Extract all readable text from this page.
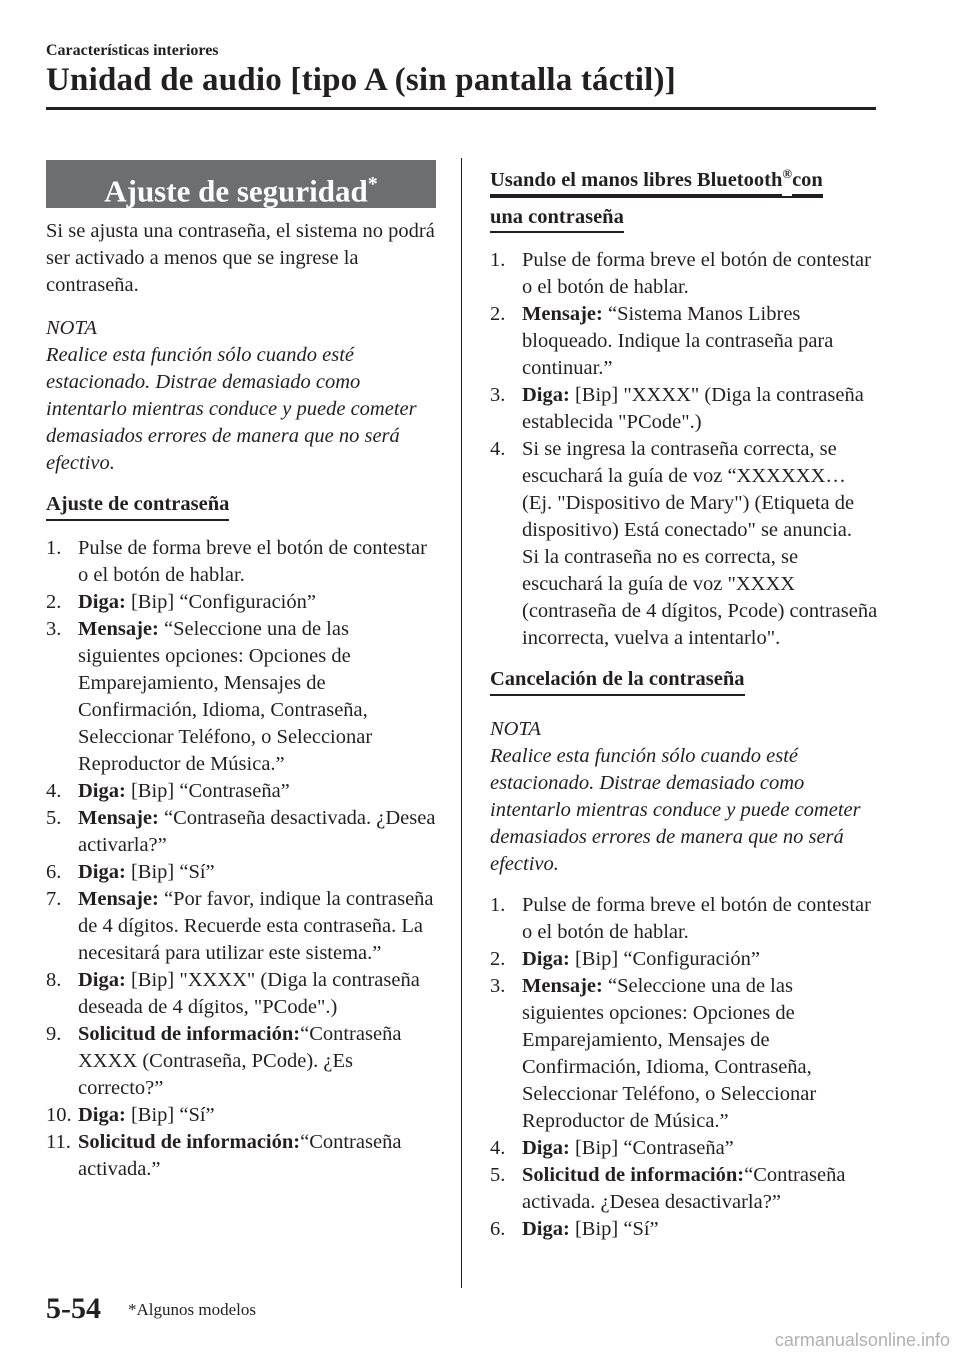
Características interiores
Unidad de audio [tipo A (sin pantalla táctil)]
Ajuste de seguridad*

Si se ajusta una contraseña, el sistema no podrá ser activado a menos que se ingrese la contraseña.

NOTA

Realice esta función sólo cuando esté estacionado. Distrae demasiado como intentarlo mientras conduce y puede cometer demasiados errores de manera que no será efectivo.

Ajuste de contraseña
1. Pulse de forma breve el botón de contestar o el botón de hablar.
2. Diga: [Bip] “Configuración”
3. Mensaje: “Seleccione una de las siguientes opciones: Opciones de Emparejamiento, Mensajes de Confirmación, Idioma, Contraseña, Seleccionar Teléfono, o Seleccionar Reproductor de Música.”
4. Diga: [Bip] “Contraseña”
5. Mensaje: “Contraseña desactivada. ¿Desea activarla?”
6. Diga: [Bip] “Sí”
7. Mensaje: “Por favor, indique la contraseña de 4 dígitos. Recuerde esta contraseña. La necesitará para utilizar este sistema.”
8. Diga: [Bip] "XXXX" (Diga la contraseña deseada de 4 dígitos, "PCode".)
9. Solicitud de información:“Contraseña XXXX (Contraseña, PCode). ¿Es correcto?”
10. Diga: [Bip] “Sí”
11. Solicitud de información:“Contraseña activada.”
Usando el manos libres Bluetooth®con
una contraseña
1. Pulse de forma breve el botón de contestar o el botón de hablar.
2. Mensaje: “Sistema Manos Libres bloqueado. Indique la contraseña para continuar.”
3. Diga: [Bip] "XXXX" (Diga la contraseña establecida "PCode".)
4. Si se ingresa la contraseña correcta, se escuchará la guía de voz “XXXXXX… (Ej. "Dispositivo de Mary") (Etiqueta de dispositivo) Está conectado" se anuncia.
Si la contraseña no es correcta, se escuchará la guía de voz "XXXX (contraseña de 4 dígitos, Pcode) contraseña incorrecta, vuelva a intentarlo".
Cancelación de la contraseña

NOTA

Realice esta función sólo cuando esté estacionado. Distrae demasiado como intentarlo mientras conduce y puede cometer demasiados errores de manera que no será efectivo.

1. Pulse de forma breve el botón de contestar o el botón de hablar.
2. Diga: [Bip] “Configuración”
3. Mensaje: “Seleccione una de las siguientes opciones: Opciones de Emparejamiento, Mensajes de Confirmación, Idioma, Contraseña, Seleccionar Teléfono, o Seleccionar Reproductor de Música.”
4. Diga: [Bip] “Contraseña”
5. Solicitud de información:“Contraseña activada. ¿Desea desactivarla?”
6. Diga: [Bip] “Sí”
5-54 *Algunos modelos
carmanualsonline.info
